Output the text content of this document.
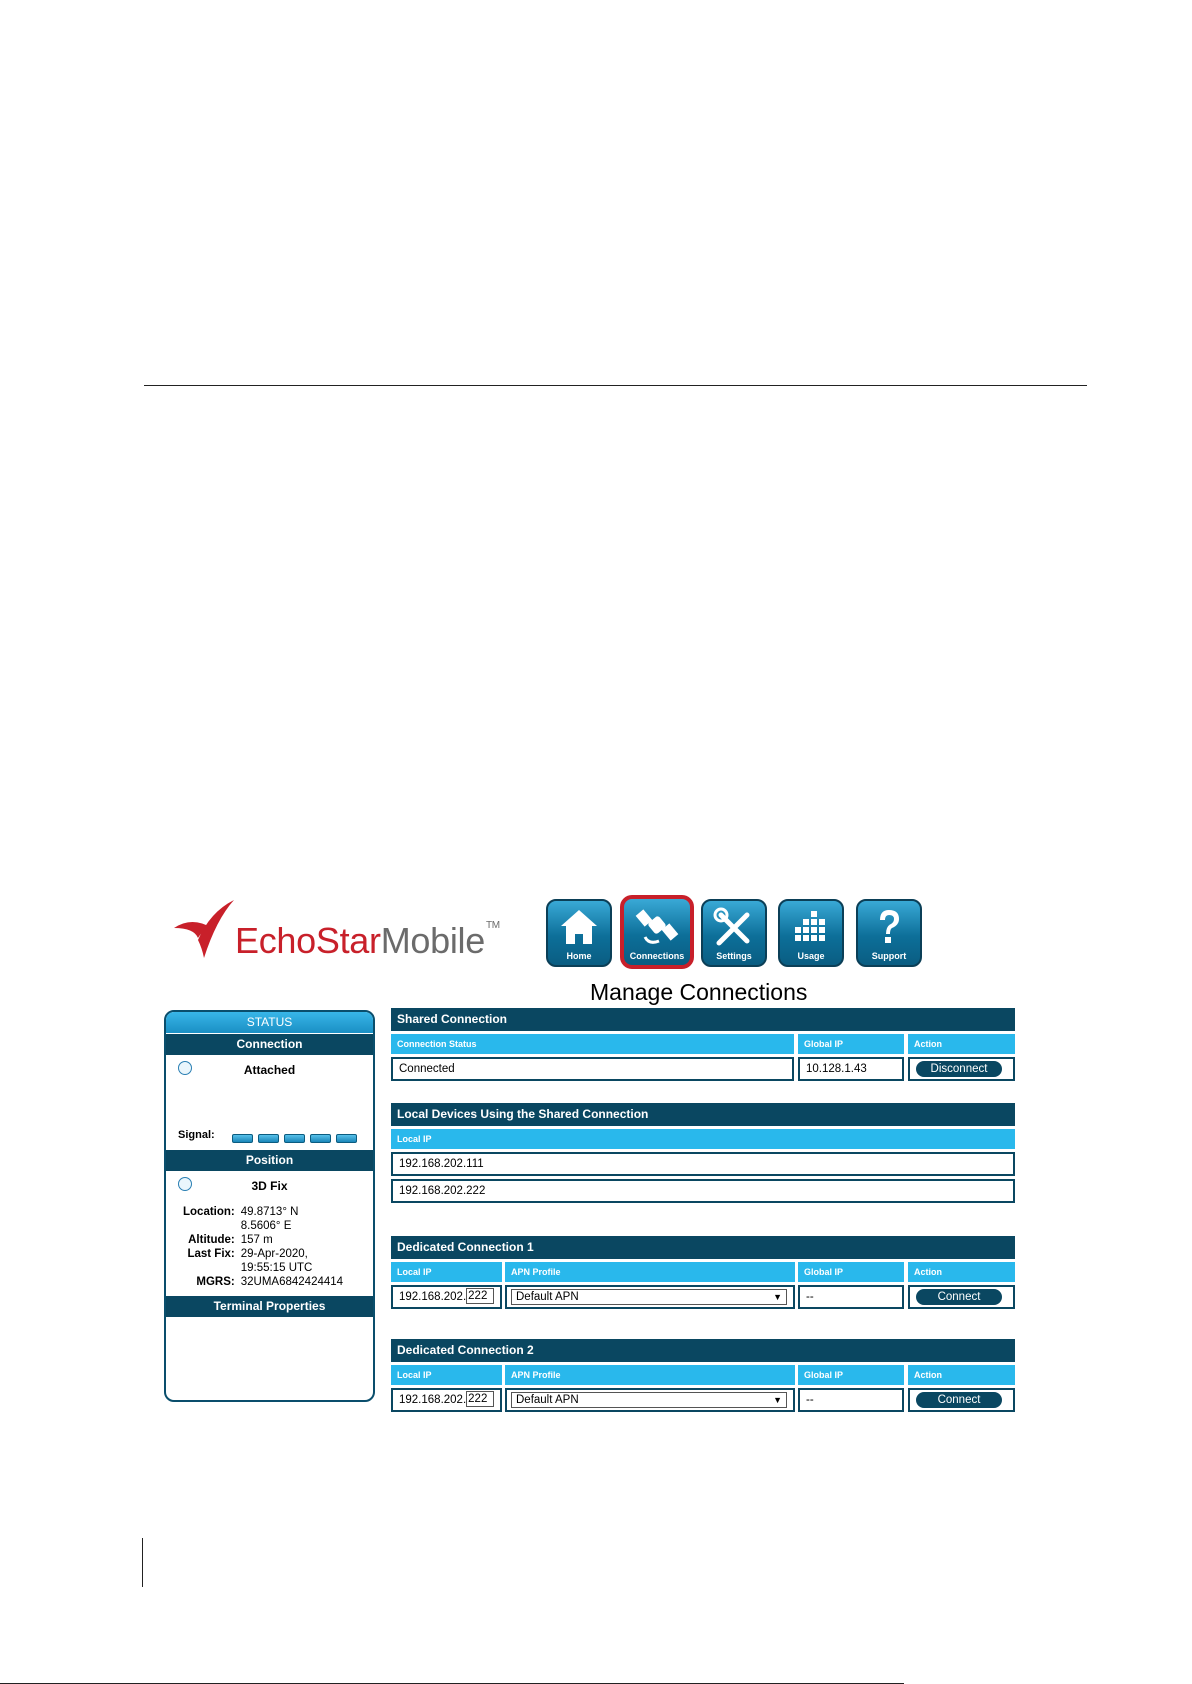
EchoStarMobile™
Home	Connections	Settings	Usage	Support
Manage Connections
STATUS
Connection
Attached
Signal:
Position
3D Fix
Location:	49.8713° N
8.5606° E
Altitude:	157 m
Last Fix:	29-Apr-2020,
19:55:15 UTC
MGRS:	32UMA6842424414
Terminal Properties
Shared Connection
Connection Status	Global IP	Action
Connected	10.128.1.43	Disconnect
Local Devices Using the Shared Connection
Local IP
192.168.202.111
192.168.202.222
Dedicated Connection 1
Local IP	APN Profile	Global IP	Action
192.168.202. 222	Default APN	▼	--	Connect
Dedicated Connection 2
Local IP	APN Profile	Global IP	Action
192.168.202. 222	Default APN	▼	--	Connect
